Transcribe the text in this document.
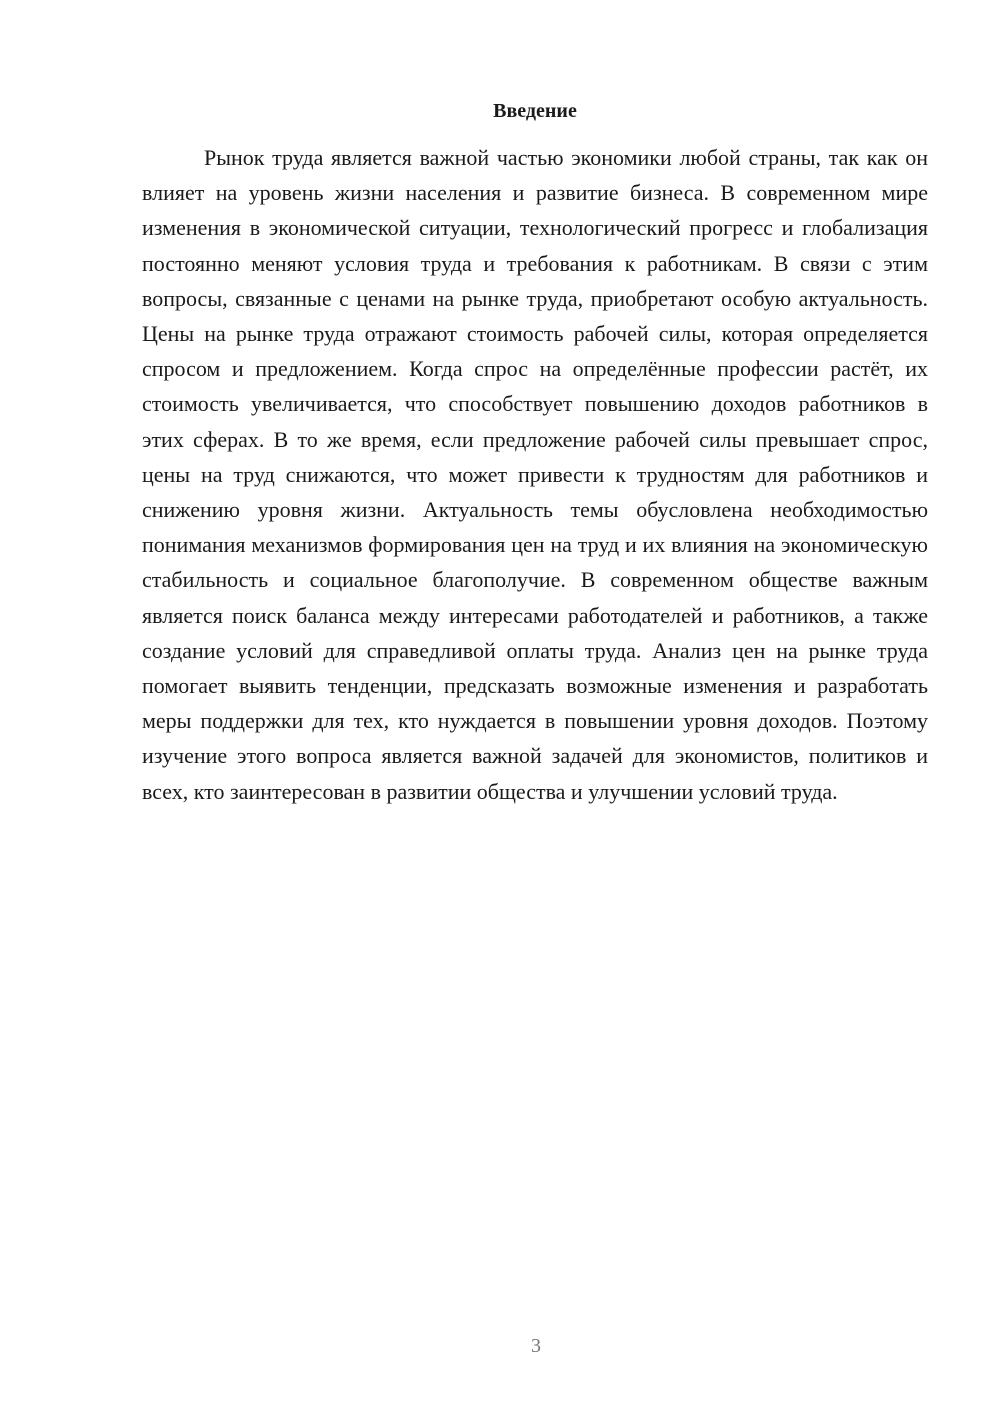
Введение

Рынок труда является важной частью экономики любой страны, так как он влияет на уровень жизни населения и развитие бизнеса. В современном мире изменения в экономической ситуации, технологический прогресс и глобализация постоянно меняют условия труда и требования к работникам. В связи с этим вопросы, связанные с ценами на рынке труда, приобретают особую актуальность. Цены на рынке труда отражают стоимость рабочей силы, которая определяется спросом и предложением. Когда спрос на определённые профессии растёт, их стоимость увеличивается, что способствует повышению доходов работников в этих сферах. В то же время, если предложение рабочей силы превышает спрос, цены на труд снижаются, что может привести к трудностям для работников и снижению уровня жизни. Актуальность темы обусловлена необходимостью понимания механизмов формирования цен на труд и их влияния на экономическую стабильность и социальное благополучие. В современном обществе важным является поиск баланса между интересами работодателей и работников, а также создание условий для справедливой оплаты труда. Анализ цен на рынке труда помогает выявить тенденции, предсказать возможные изменения и разработать меры поддержки для тех, кто нуждается в повышении уровня доходов. Поэтому изучение этого вопроса является важной задачей для экономистов, политиков и всех, кто заинтересован в развитии общества и улучшении условий труда.

3
